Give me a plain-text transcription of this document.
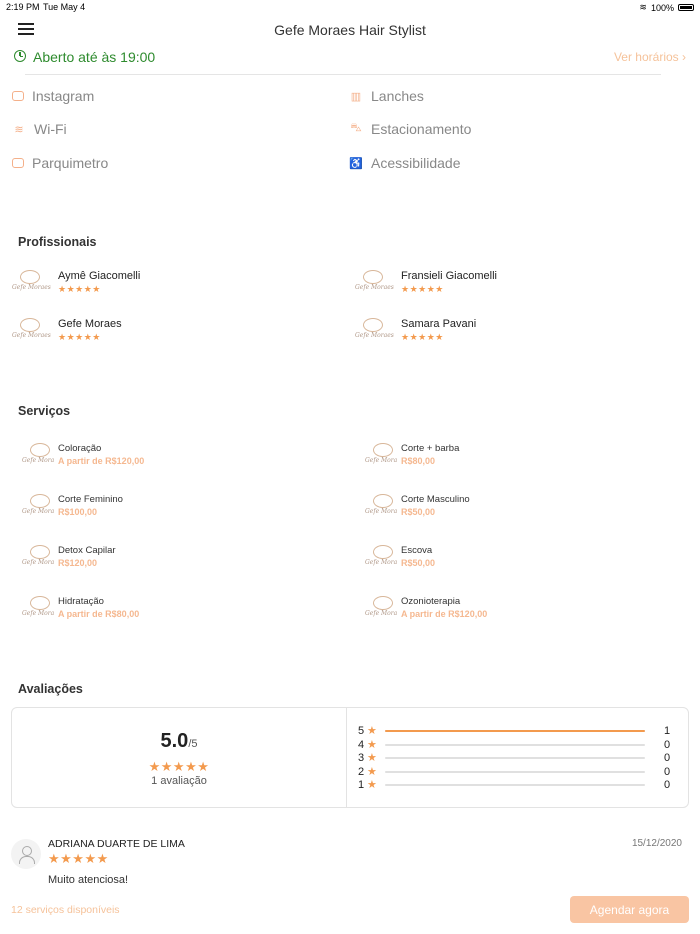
2:19 PM Tue May 4	≋ 100%
Gefe Moraes Hair Stylist
Aberto até às 19:00	Ver horários ›
Instagram	▥ Lanches
≋ Wi-Fi	⛍ Estacionamento
Parquimetro	♿ Acessibilidade
Profissionais
Gefe Moraes
Aymê Giacomelli
★★★★★	Gefe Moraes
Fransieli Giacomelli
★★★★★
Gefe Moraes
Gefe Moraes
★★★★★	Gefe Moraes
Samara Pavani
★★★★★
Serviços
Gefe Mora
Coloração
A partir de R$120,00	Gefe Mora
Corte + barba
R$80,00
Gefe Mora
Corte Feminino
R$100,00	Gefe Mora
Corte Masculino
R$50,00
Gefe Mora
Detox Capilar
R$120,00	Gefe Mora
Escova
R$50,00
Gefe Mora
Hidratação
A partir de R$80,00	Gefe Mora
Ozonioterapia
A partir de R$120,00
Avaliações
5.0/5
★★★★★
1 avaliação
5 ★	1
4 ★	0
3 ★	0
2 ★	0
1 ★	0
ADRIANA DUARTE DE LIMA	15/12/2020
★★★★★
Muito atenciosa!
12 serviços disponíveis	Agendar agora
